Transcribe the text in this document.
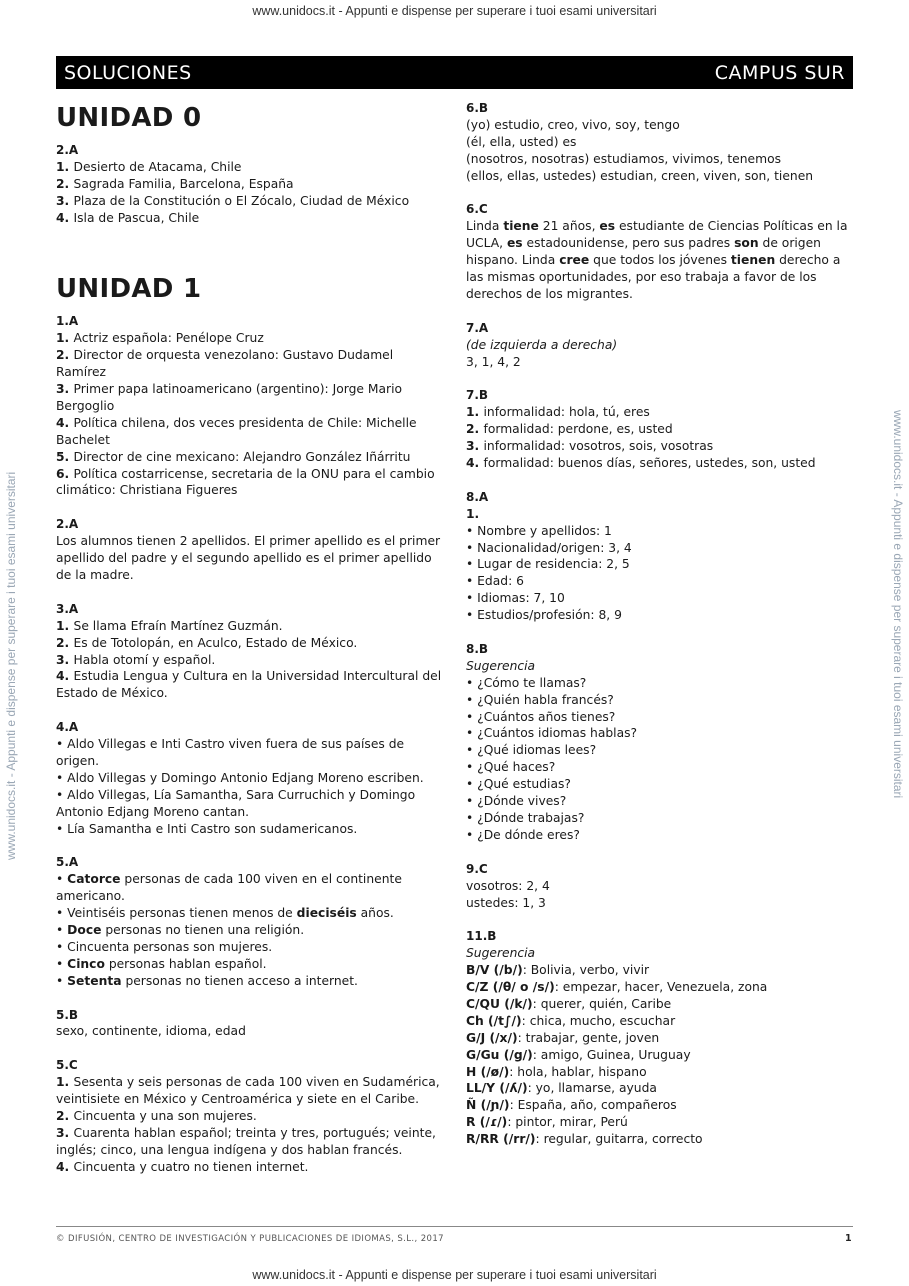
www.unidocs.it - Appunti e dispense per superare i tuoi esami universitari
www.unidocs.it - Appunti e dispense per superare i tuoi esami universitari	www.unidocs.it - Appunti e dispense per superare i tuoi esami universitari
SOLUCIONES	CAMPUS SUR
UNIDAD 0
2.A
1. Desierto de Atacama, Chile
2. Sagrada Familia, Barcelona, España
3. Plaza de la Constitución o El Zócalo, Ciudad de México
4. Isla de Pascua, Chile
UNIDAD 1
1.A
1. Actriz española: Penélope Cruz
2. Director de orquesta venezolano: Gustavo Dudamel Ramírez
3. Primer papa latinoamericano (argentino): Jorge Mario Bergoglio
4. Política chilena, dos veces presidenta de Chile: Michelle Bachelet
5. Director de cine mexicano: Alejandro González Iñárritu
6. Política costarricense, secretaria de la ONU para el cambio climático: Christiana Figueres
2.A
Los alumnos tienen 2 apellidos. El primer apellido es el primer apellido del padre y el segundo apellido es el primer apellido de la madre.
3.A
1. Se llama Efraín Martínez Guzmán.
2. Es de Totolopán, en Aculco, Estado de México.
3. Habla otomí y español.
4. Estudia Lengua y Cultura en la Universidad Intercultural del Estado de México.
4.A
• Aldo Villegas e Inti Castro viven fuera de sus países de origen.
• Aldo Villegas y Domingo Antonio Edjang Moreno escriben.
• Aldo Villegas, Lía Samantha, Sara Curruchich y Domingo Antonio Edjang Moreno cantan.
• Lía Samantha e Inti Castro son sudamericanos.
5.A
• Catorce personas de cada 100 viven en el continente americano.
• Veintiséis personas tienen menos de dieciséis años.
• Doce personas no tienen una religión.
• Cincuenta personas son mujeres.
• Cinco personas hablan español.
• Setenta personas no tienen acceso a internet.
5.B
sexo, continente, idioma, edad
5.C
1. Sesenta y seis personas de cada 100 viven en Sudamérica, veintisiete en México y Centroamérica y siete en el Caribe.
2. Cincuenta y una son mujeres.
3. Cuarenta hablan español; treinta y tres, portugués; veinte, inglés; cinco, una lengua indígena y dos hablan francés.
4. Cincuenta y cuatro no tienen internet.
6.B
(yo) estudio, creo, vivo, soy, tengo
(él, ella, usted) es
(nosotros, nosotras) estudiamos, vivimos, tenemos
(ellos, ellas, ustedes) estudian, creen, viven, son, tienen
6.C
Linda tiene 21 años, es estudiante de Ciencias Políticas en la UCLA, es estadounidense, pero sus padres son de origen hispano. Linda cree que todos los jóvenes tienen derecho a las mismas oportunidades, por eso trabaja a favor de los derechos de los migrantes.
7.A
(de izquierda a derecha)
3, 1, 4, 2
7.B
1. informalidad: hola, tú, eres
2. formalidad: perdone, es, usted
3. informalidad: vosotros, sois, vosotras
4. formalidad: buenos días, señores, ustedes, son, usted
8.A
1.
• Nombre y apellidos: 1
• Nacionalidad/origen: 3, 4
• Lugar de residencia: 2, 5
• Edad: 6
• Idiomas: 7, 10
• Estudios/profesión: 8, 9
8.B
Sugerencia
• ¿Cómo te llamas?
• ¿Quién habla francés?
• ¿Cuántos años tienes?
• ¿Cuántos idiomas hablas?
• ¿Qué idiomas lees?
• ¿Qué haces?
• ¿Qué estudias?
• ¿Dónde vives?
• ¿Dónde trabajas?
• ¿De dónde eres?
9.C
vosotros: 2, 4
ustedes: 1, 3
11.B
Sugerencia
B/V (/b/): Bolivia, verbo, vivir
C/Z (/θ/ o /s/): empezar, hacer, Venezuela, zona
C/QU (/k/): querer, quién, Caribe
Ch (/t∫/): chica, mucho, escuchar
G/J (/x/): trabajar, gente, joven
G/Gu (/g/): amigo, Guinea, Uruguay
H (/ø/): hola, hablar, hispano
LL/Y (/ʎ/): yo, llamarse, ayuda
Ñ (/ɲ/): España, año, compañeros
R (/ɾ/): pintor, mirar, Perú
R/RR (/rr/): regular, guitarra, correcto
© DIFUSIÓN, CENTRO DE INVESTIGACIÓN Y PUBLICACIONES DE IDIOMAS, S.L., 2017	1
www.unidocs.it - Appunti e dispense per superare i tuoi esami universitari
